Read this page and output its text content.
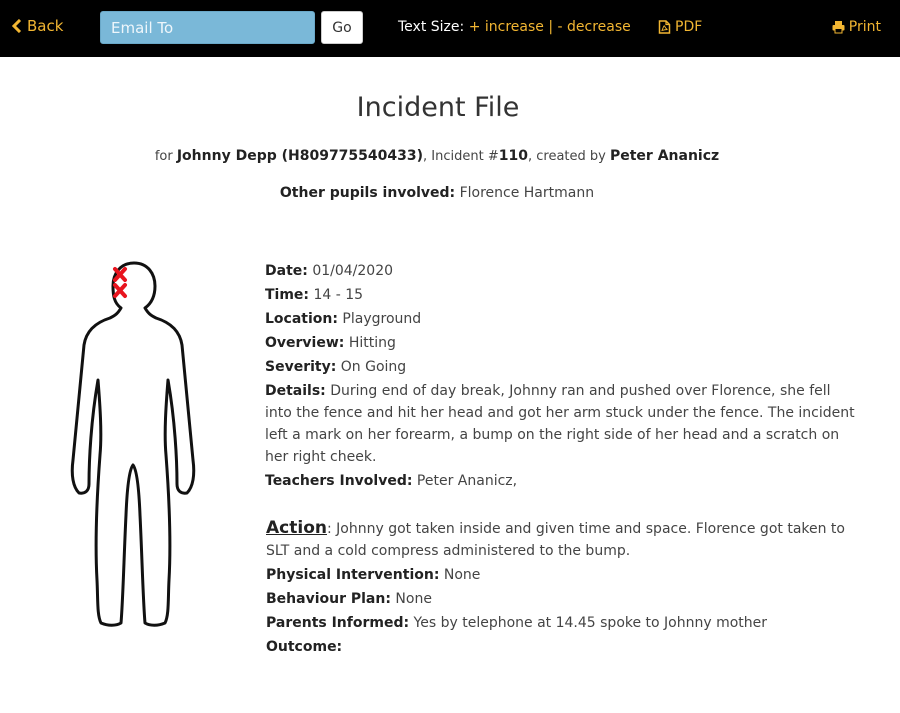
Back
Email To	Go	Text Size: + increase | - decrease	PDF	Print
Incident File
for Johnny Depp (H809775540433), Incident #110, created by Peter Ananicz
Other pupils involved: Florence Hartmann
Date: 01/04/2020
Time: 14 - 15
Location: Playground
Overview: Hitting
Severity: On Going
Details: During end of day break, Johnny ran and pushed over Florence, she fell into the fence and hit her head and got her arm stuck under the fence. The incident left a mark on her forearm, a bump on the right side of her head and a scratch on her right cheek.
Teachers Involved: Peter Ananicz,
Action: Johnny got taken inside and given time and space. Florence got taken to SLT and a cold compress administered to the bump.
Physical Intervention: None
Behaviour Plan: None
Parents Informed: Yes by telephone at 14.45 spoke to Johnny mother
Outcome:
